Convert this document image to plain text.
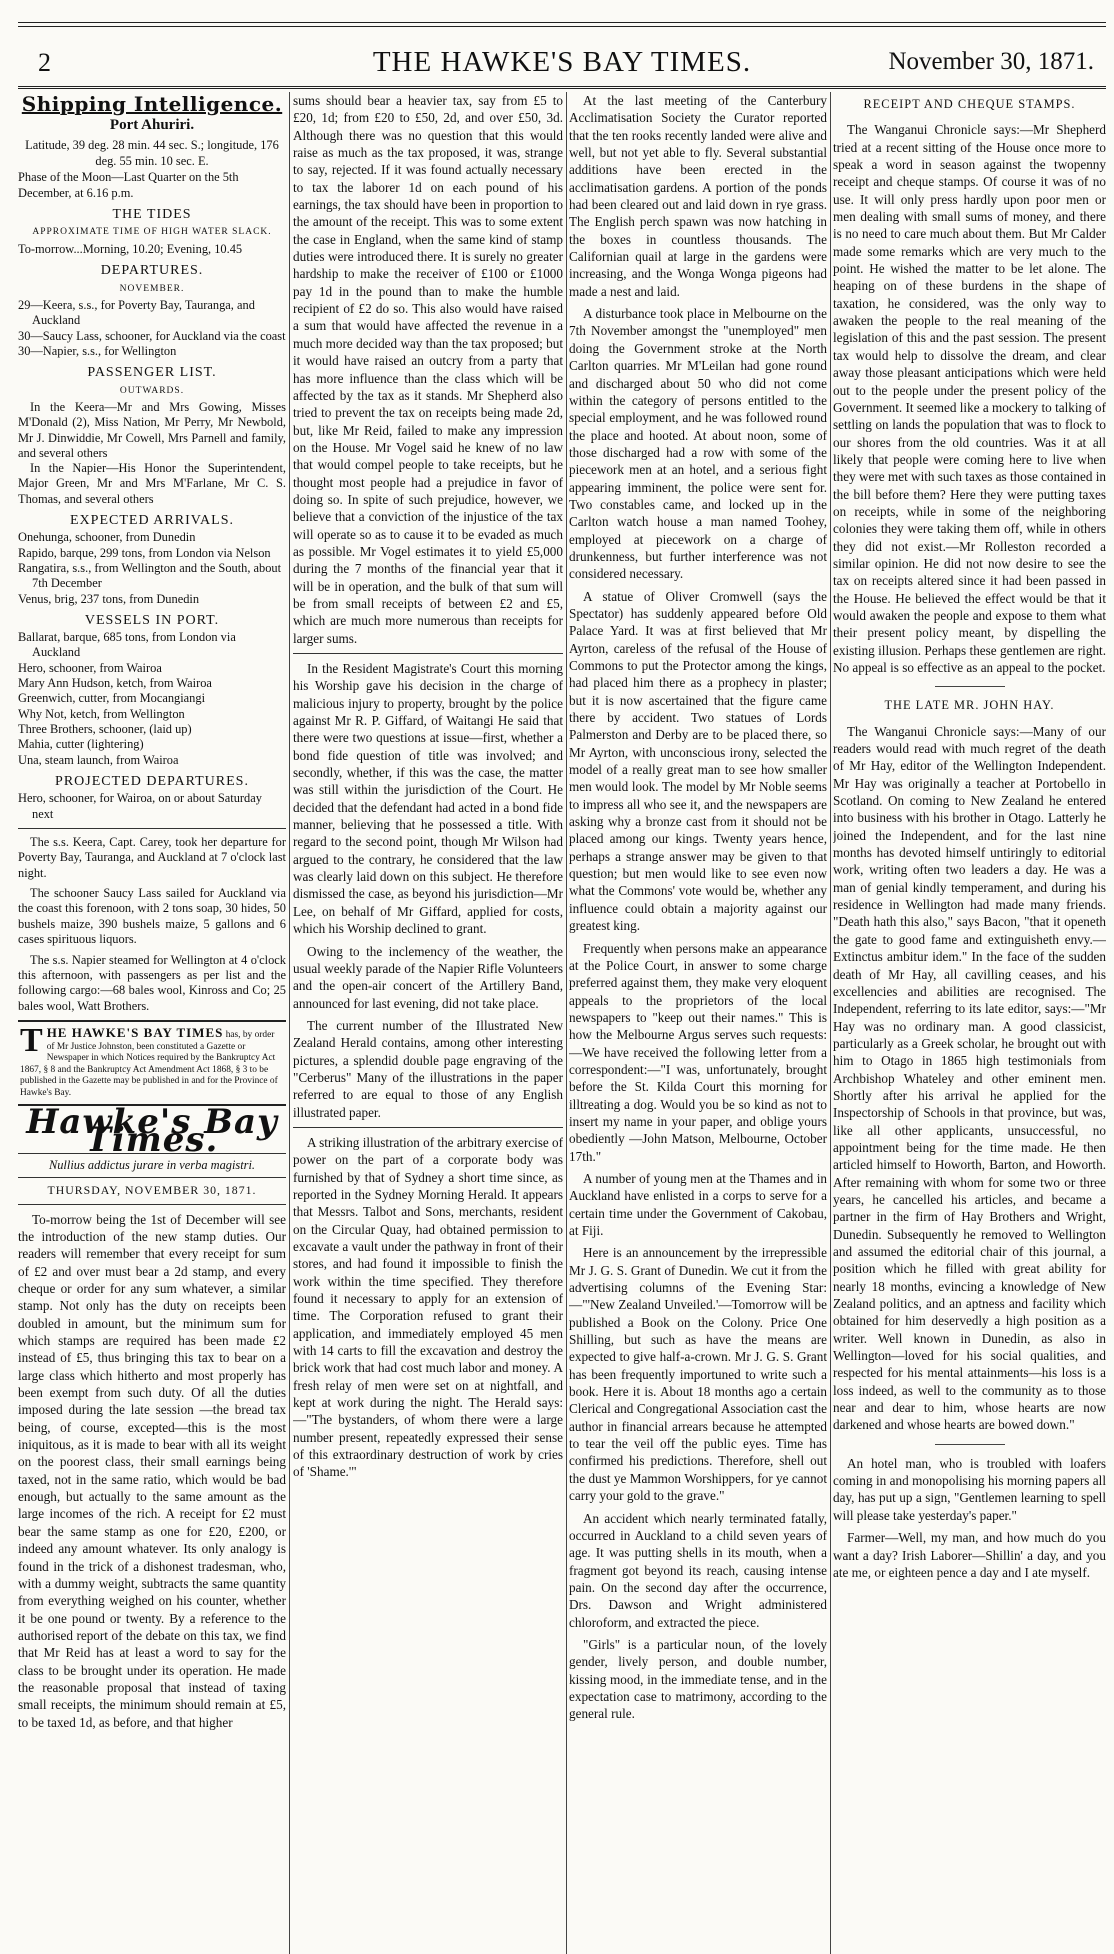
2	THE HAWKE'S BAY TIMES.	November 30, 1871.
Shipping Intelligence.
Port Ahuriri.
Latitude, 39 deg. 28 min. 44 sec. S.; longitude, 176 deg. 55 min. 10 sec. E.
Phase of the Moon—Last Quarter on the 5th December, at 6.16 p.m.
THE TIDES
APPROXIMATE TIME OF HIGH WATER SLACK.
To-morrow...Morning, 10.20; Evening, 10.45
DEPARTURES.
NOVEMBER.
29—Keera, s.s., for Poverty Bay, Tauranga, and Auckland
30—Saucy Lass, schooner, for Auckland via the coast
30—Napier, s.s., for Wellington
PASSENGER LIST.
OUTWARDS.
In the Keera—Mr and Mrs Gowing, Misses M'Donald (2), Miss Nation, Mr Perry, Mr Newbold, Mr J. Dinwiddie, Mr Cowell, Mrs Parnell and family, and several others
In the Napier—His Honor the Superintendent, Major Green, Mr and Mrs M'Farlane, Mr C. S. Thomas, and several others
EXPECTED ARRIVALS.
Onehunga, schooner, from Dunedin
Rapido, barque, 299 tons, from London via Nelson
Rangatira, s.s., from Wellington and the South, about 7th December
Venus, brig, 237 tons, from Dunedin
VESSELS IN PORT.
Ballarat, barque, 685 tons, from London via Auckland
Hero, schooner, from Wairoa
Mary Ann Hudson, ketch, from Wairoa
Greenwich, cutter, from Mocangiangi
Why Not, ketch, from Wellington
Three Brothers, schooner, (laid up)
Mahia, cutter (lightering)
Una, steam launch, from Wairoa
PROJECTED DEPARTURES.
Hero, schooner, for Wairoa, on or about Saturday next
The s.s. Keera, Capt. Carey, took her departure for Poverty Bay, Tauranga, and Auckland at 7 o'clock last night.
The schooner Saucy Lass sailed for Auckland via the coast this forenoon, with 2 tons soap, 30 hides, 50 bushels maize, 390 bushels maize, 5 gallons and 6 cases spirituous liquors.
The s.s. Napier steamed for Wellington at 4 o'clock this afternoon, with passengers as per list and the following cargo:—68 bales wool, Kinross and Co; 25 bales wool, Watt Brothers.
T HE HAWKE'S BAY TIMES has, by order of Mr Justice Johnston, been constituted a Gazette or Newspaper in which Notices required by the Bankruptcy Act 1867, § 8 and the Bankruptcy Act Amendment Act 1868, § 3 to be published in the Gazette may be published in and for the Province of Hawke's Bay.
Hawke's Bay Times.
Nullius addictus jurare in verba magistri.
THURSDAY, NOVEMBER 30, 1871.

To-morrow being the 1st of December will see the introduction of the new stamp duties. Our readers will remember that every receipt for sum of £2 and over must bear a 2d stamp, and every cheque or order for any sum whatever, a similar stamp. Not only has the duty on receipts been doubled in amount, but the minimum sum for which stamps are required has been made £2 instead of £5, thus bringing this tax to bear on a large class which hitherto and most properly has been exempt from such duty. Of all the duties imposed during the late session —the bread tax being, of course, excepted—this is the most iniquitous, as it is made to bear with all its weight on the poorest class, their small earnings being taxed, not in the same ratio, which would be bad enough, but actually to the same amount as the large incomes of the rich. A receipt for £2 must bear the same stamp as one for £20, £200, or indeed any amount whatever. Its only analogy is found in the trick of a dishonest tradesman, who, with a dummy weight, subtracts the same quantity from everything weighed on his counter, whether it be one pound or twenty. By a reference to the authorised report of the debate on this tax, we find that Mr Reid has at least a word to say for the class to be brought under its operation. He made the reasonable proposal that instead of taxing small receipts, the minimum should remain at £5, to be taxed 1d, as before, and that higher

sums should bear a heavier tax, say from £5 to £20, 1d; from £20 to £50, 2d, and over £50, 3d. Although there was no question that this would raise as much as the tax proposed, it was, strange to say, rejected. If it was found actually necessary to tax the laborer 1d on each pound of his earnings, the tax should have been in proportion to the amount of the receipt. This was to some extent the case in England, when the same kind of stamp duties were introduced there. It is surely no greater hardship to make the receiver of £100 or £1000 pay 1d in the pound than to make the humble recipient of £2 do so. This also would have raised a sum that would have affected the revenue in a much more decided way than the tax proposed; but it would have raised an outcry from a party that has more influence than the class which will be affected by the tax as it stands. Mr Shepherd also tried to prevent the tax on receipts being made 2d, but, like Mr Reid, failed to make any impression on the House. Mr Vogel said he knew of no law that would compel people to take receipts, but he thought most people had a prejudice in favor of doing so. In spite of such prejudice, however, we believe that a conviction of the injustice of the tax will operate so as to cause it to be evaded as much as possible. Mr Vogel estimates it to yield £5,000 during the 7 months of the financial year that it will be in operation, and the bulk of that sum will be from small receipts of between £2 and £5, which are much more numerous than receipts for larger sums.

In the Resident Magistrate's Court this morning his Worship gave his decision in the charge of malicious injury to property, brought by the police against Mr R. P. Giffard, of Waitangi He said that there were two questions at issue—first, whether a bond fide question of title was involved; and secondly, whether, if this was the case, the matter was still within the jurisdiction of the Court. He decided that the defendant had acted in a bond fide manner, believing that he possessed a title. With regard to the second point, though Mr Wilson had argued to the contrary, he considered that the law was clearly laid down on this subject. He therefore dismissed the case, as beyond his jurisdiction—Mr Lee, on behalf of Mr Giffard, applied for costs, which his Worship declined to grant.

Owing to the inclemency of the weather, the usual weekly parade of the Napier Rifle Volunteers and the open-air concert of the Artillery Band, announced for last evening, did not take place.

The current number of the Illustrated New Zealand Herald contains, among other interesting pictures, a splendid double page engraving of the "Cerberus" Many of the illustrations in the paper referred to are equal to those of any English illustrated paper.

A striking illustration of the arbitrary exercise of power on the part of a corporate body was furnished by that of Sydney a short time since, as reported in the Sydney Morning Herald. It appears that Messrs. Talbot and Sons, merchants, resident on the Circular Quay, had obtained permission to excavate a vault under the pathway in front of their stores, and had found it impossible to finish the work within the time specified. They therefore found it necessary to apply for an extension of time. The Corporation refused to grant their application, and immediately employed 45 men with 14 carts to fill the excavation and destroy the brick work that had cost much labor and money. A fresh relay of men were set on at nightfall, and kept at work during the night. The Herald says:—"The bystanders, of whom there were a large number present, repeatedly expressed their sense of this extraordinary destruction of work by cries of 'Shame.'"

At the last meeting of the Canterbury Acclimatisation Society the Curator reported that the ten rooks recently landed were alive and well, but not yet able to fly. Several substantial additions have been erected in the acclimatisation gardens. A portion of the ponds had been cleared out and laid down in rye grass. The English perch spawn was now hatching in the boxes in countless thousands. The Californian quail at large in the gardens were increasing, and the Wonga Wonga pigeons had made a nest and laid.

A disturbance took place in Melbourne on the 7th November amongst the "unemployed" men doing the Government stroke at the North Carlton quarries. Mr M'Leilan had gone round and discharged about 50 who did not come within the category of persons entitled to the special employment, and he was followed round the place and hooted. At about noon, some of those discharged had a row with some of the piecework men at an hotel, and a serious fight appearing imminent, the police were sent for. Two constables came, and locked up in the Carlton watch house a man named Toohey, employed at piecework on a charge of drunkenness, but further interference was not considered necessary.

A statue of Oliver Cromwell (says the Spectator) has suddenly appeared before Old Palace Yard. It was at first believed that Mr Ayrton, careless of the refusal of the House of Commons to put the Protector among the kings, had placed him there as a prophecy in plaster; but it is now ascertained that the figure came there by accident. Two statues of Lords Palmerston and Derby are to be placed there, so Mr Ayrton, with unconscious irony, selected the model of a really great man to see how smaller men would look. The model by Mr Noble seems to impress all who see it, and the newspapers are asking why a bronze cast from it should not be placed among our kings. Twenty years hence, perhaps a strange answer may be given to that question; but men would like to see even now what the Commons' vote would be, whether any influence could obtain a majority against our greatest king.

Frequently when persons make an appearance at the Police Court, in answer to some charge preferred against them, they make very eloquent appeals to the proprietors of the local newspapers to "keep out their names." This is how the Melbourne Argus serves such requests:—We have received the following letter from a correspondent:—"I was, unfortunately, brought before the St. Kilda Court this morning for illtreating a dog. Would you be so kind as not to insert my name in your paper, and oblige yours obediently —John Matson, Melbourne, October 17th."

A number of young men at the Thames and in Auckland have enlisted in a corps to serve for a certain time under the Government of Cakobau, at Fiji.

Here is an announcement by the irrepressible Mr J. G. S. Grant of Dunedin. We cut it from the advertising columns of the Evening Star:—"'New Zealand Unveiled.'—Tomorrow will be published a Book on the Colony. Price One Shilling, but such as have the means are expected to give half-a-crown. Mr J. G. S. Grant has been frequently importuned to write such a book. Here it is. About 18 months ago a certain Clerical and Congregational Association cast the author in financial arrears because he attempted to tear the veil off the public eyes. Time has confirmed his predictions. Therefore, shell out the dust ye Mammon Worshippers, for ye cannot carry your gold to the grave."

An accident which nearly terminated fatally, occurred in Auckland to a child seven years of age. It was putting shells in its mouth, when a fragment got beyond its reach, causing intense pain. On the second day after the occurrence, Drs. Dawson and Wright administered chloroform, and extracted the piece.

"Girls" is a particular noun, of the lovely gender, lively person, and double number, kissing mood, in the immediate tense, and in the expectation case to matrimony, according to the general rule.

RECEIPT AND CHEQUE STAMPS.

The Wanganui Chronicle says:—Mr Shepherd tried at a recent sitting of the House once more to speak a word in season against the twopenny receipt and cheque stamps. Of course it was of no use. It will only press hardly upon poor men or men dealing with small sums of money, and there is no need to care much about them. But Mr Calder made some remarks which are very much to the point. He wished the matter to be let alone. The heaping on of these burdens in the shape of taxation, he considered, was the only way to awaken the people to the real meaning of the legislation of this and the past session. The present tax would help to dissolve the dream, and clear away those pleasant anticipations which were held out to the people under the present policy of the Government. It seemed like a mockery to talking of settling on lands the population that was to flock to our shores from the old countries. Was it at all likely that people were coming here to live when they were met with such taxes as those contained in the bill before them? Here they were putting taxes on receipts, while in some of the neighboring colonies they were taking them off, while in others they did not exist.—Mr Rolleston recorded a similar opinion. He did not now desire to see the tax on receipts altered since it had been passed in the House. He believed the effect would be that it would awaken the people and expose to them what their present policy meant, by dispelling the existing illusion. Perhaps these gentlemen are right. No appeal is so effective as an appeal to the pocket.

THE LATE MR. JOHN HAY.

The Wanganui Chronicle says:—Many of our readers would read with much regret of the death of Mr Hay, editor of the Wellington Independent. Mr Hay was originally a teacher at Portobello in Scotland. On coming to New Zealand he entered into business with his brother in Otago. Latterly he joined the Independent, and for the last nine months has devoted himself untiringly to editorial work, writing often two leaders a day. He was a man of genial kindly temperament, and during his residence in Wellington had made many friends. "Death hath this also," says Bacon, "that it openeth the gate to good fame and extinguisheth envy.—Extinctus ambitur idem." In the face of the sudden death of Mr Hay, all cavilling ceases, and his excellencies and abilities are recognised. The Independent, referring to its late editor, says:—"Mr Hay was no ordinary man. A good classicist, particularly as a Greek scholar, he brought out with him to Otago in 1865 high testimonials from Archbishop Whateley and other eminent men. Shortly after his arrival he applied for the Inspectorship of Schools in that province, but was, like all other applicants, unsuccessful, no appointment being for the time made. He then articled himself to Howorth, Barton, and Howorth. After remaining with whom for some two or three years, he cancelled his articles, and became a partner in the firm of Hay Brothers and Wright, Dunedin. Subsequently he removed to Wellington and assumed the editorial chair of this journal, a position which he filled with great ability for nearly 18 months, evincing a knowledge of New Zealand politics, and an aptness and facility which obtained for him deservedly a high position as a writer. Well known in Dunedin, as also in Wellington—loved for his social qualities, and respected for his mental attainments—his loss is a loss indeed, as well to the community as to those near and dear to him, whose hearts are now darkened and whose hearts are bowed down."

An hotel man, who is troubled with loafers coming in and monopolising his morning papers all day, has put up a sign, "Gentlemen learning to spell will please take yesterday's paper."

Farmer—Well, my man, and how much do you want a day? Irish Laborer—Shillin' a day, and you ate me, or eighteen pence a day and I ate myself.
